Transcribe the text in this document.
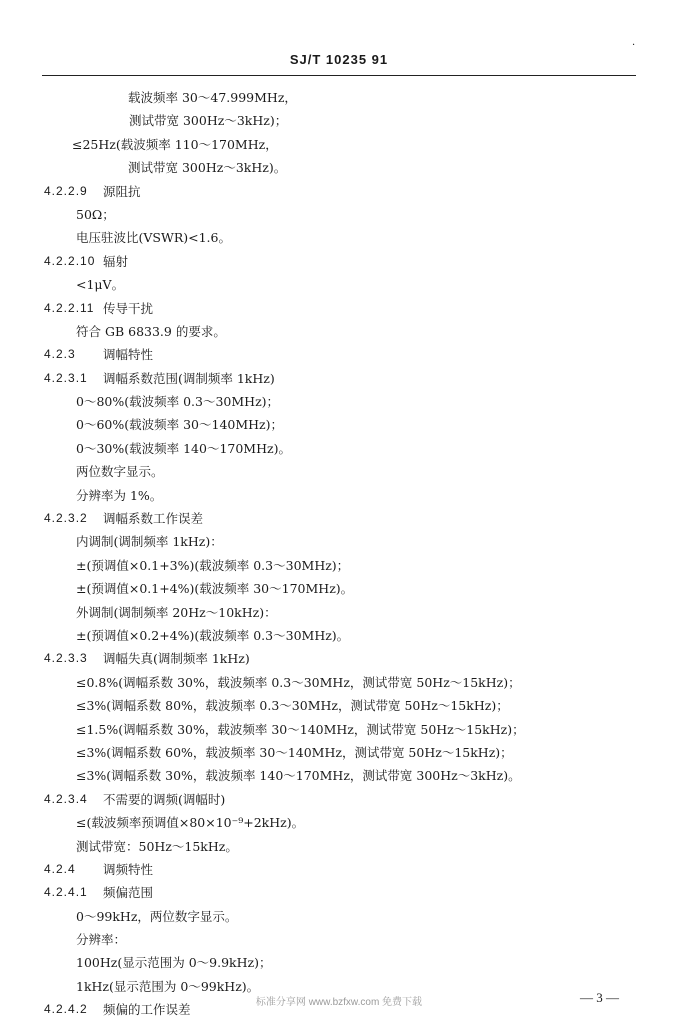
·
SJ/T 10235 91
载波频率 30～47.999MHz，
测试带宽 300Hz～3kHz)；
≤25Hz(载波频率 110～170MHz，
测试带宽 300Hz～3kHz)。
4.2.2.9 源阻抗
50Ω；
电压驻波比(VSWR)<1.6。
4.2.2.10 辐射
<1μV。
4.2.2.11 传导干扰
符合 GB 6833.9 的要求。
4.2.3 调幅特性
4.2.3.1 调幅系数范围(调制频率 1kHz)
0～80%(载波频率 0.3～30MHz)；
0～60%(载波频率 30～140MHz)；
0～30%(载波频率 140～170MHz)。
两位数字显示。
分辨率为 1%。
4.2.3.2 调幅系数工作误差
内调制(调制频率 1kHz)：
±(预调值×0.1+3%)(载波频率 0.3～30MHz)；
±(预调值×0.1+4%)(载波频率 30～170MHz)。
外调制(调制频率 20Hz～10kHz)：
±(预调值×0.2+4%)(载波频率 0.3～30MHz)。
4.2.3.3 调幅失真(调制频率 1kHz)
≤0.8%(调幅系数 30%，载波频率 0.3～30MHz，测试带宽 50Hz～15kHz)；
≤3%(调幅系数 80%，载波频率 0.3～30MHz，测试带宽 50Hz～15kHz)；
≤1.5%(调幅系数 30%，载波频率 30～140MHz，测试带宽 50Hz～15kHz)；
≤3%(调幅系数 60%，载波频率 30～140MHz，测试带宽 50Hz～15kHz)；
≤3%(调幅系数 30%，载波频率 140～170MHz，测试带宽 300Hz～3kHz)。
4.2.3.4 不需要的调频(调幅时)
≤(载波频率预调值×80×10⁻⁹+2kHz)。
测试带宽：50Hz～15kHz。
4.2.4 调频特性
4.2.4.1 频偏范围
0～99kHz，两位数字显示。
分辨率：
100Hz(显示范围为 0～9.9kHz)；
1kHz(显示范围为 0～99kHz)。
4.2.4.2 频偏的工作误差	标准分享网 www.bzfxw.com 免费下载	— 3 —
